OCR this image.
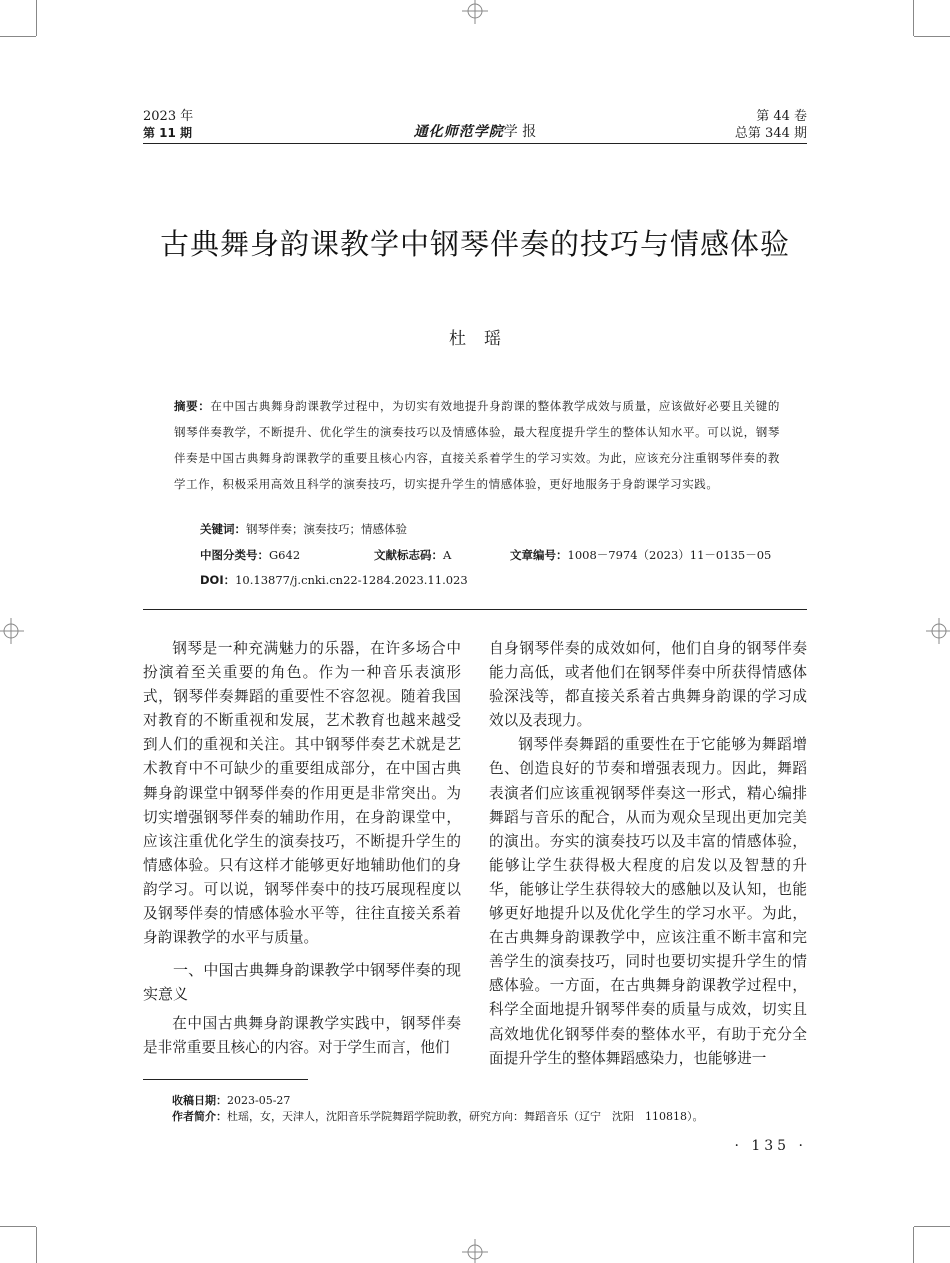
2023 年
第 11 期	通化师范学院学 报
第 44 卷
总第 344 期
古典舞身韵课教学中钢琴伴奏的技巧与情感体验
杜瑶
摘要：在中国古典舞身韵课教学过程中，为切实有效地提升身韵课的整体教学成效与质量，应该做好必要且关键的钢琴伴奏教学，不断提升、优化学生的演奏技巧以及情感体验，最大程度提升学生的整体认知水平。可以说，钢琴伴奏是中国古典舞身韵课教学的重要且核心内容，直接关系着学生的学习实效。为此，应该充分注重钢琴伴奏的教学工作，积极采用高效且科学的演奏技巧，切实提升学生的情感体验，更好地服务于身韵课学习实践。
关键词：钢琴伴奏；演奏技巧；情感体验
中图分类号：G642	文献标志码：A	文章编号：1008－7974（2023）11－0135－05
DOI：10.13877/j.cnki.cn22-1284.2023.11.023

钢琴是一种充满魅力的乐器，在许多场合中扮演着至关重要的角色。作为一种音乐表演形式，钢琴伴奏舞蹈的重要性不容忽视。随着我国对教育的不断重视和发展，艺术教育也越来越受到人们的重视和关注。其中钢琴伴奏艺术就是艺术教育中不可缺少的重要组成部分，在中国古典舞身韵课堂中钢琴伴奏的作用更是非常突出。为切实增强钢琴伴奏的辅助作用，在身韵课堂中，应该注重优化学生的演奏技巧，不断提升学生的情感体验。只有这样才能够更好地辅助他们的身韵学习。可以说，钢琴伴奏中的技巧展现程度以及钢琴伴奏的情感体验水平等，往往直接关系着身韵课教学的水平与质量。

一、中国古典舞身韵课教学中钢琴伴奏的现实意义

在中国古典舞身韵课教学实践中，钢琴伴奏是非常重要且核心的内容。对于学生而言，他们

自身钢琴伴奏的成效如何，他们自身的钢琴伴奏能力高低，或者他们在钢琴伴奏中所获得情感体验深浅等，都直接关系着古典舞身韵课的学习成效以及表现力。

钢琴伴奏舞蹈的重要性在于它能够为舞蹈增色、创造良好的节奏和增强表现力。因此，舞蹈表演者们应该重视钢琴伴奏这一形式，精心编排舞蹈与音乐的配合，从而为观众呈现出更加完美的演出。夯实的演奏技巧以及丰富的情感体验，能够让学生获得极大程度的启发以及智慧的升华，能够让学生获得较大的感触以及认知，也能够更好地提升以及优化学生的学习水平。为此，在古典舞身韵课教学中，应该注重不断丰富和完善学生的演奏技巧，同时也要切实提升学生的情感体验。一方面，在古典舞身韵课教学过程中，科学全面地提升钢琴伴奏的质量与成效，切实且高效地优化钢琴伴奏的整体水平，有助于充分全面提升学生的整体舞蹈感染力，也能够进一

收稿日期：2023-05-27
作者简介：杜瑶，女，天津人，沈阳音乐学院舞蹈学院助教，研究方向：舞蹈音乐（辽宁　沈阳　110818）。
· 135 ·
